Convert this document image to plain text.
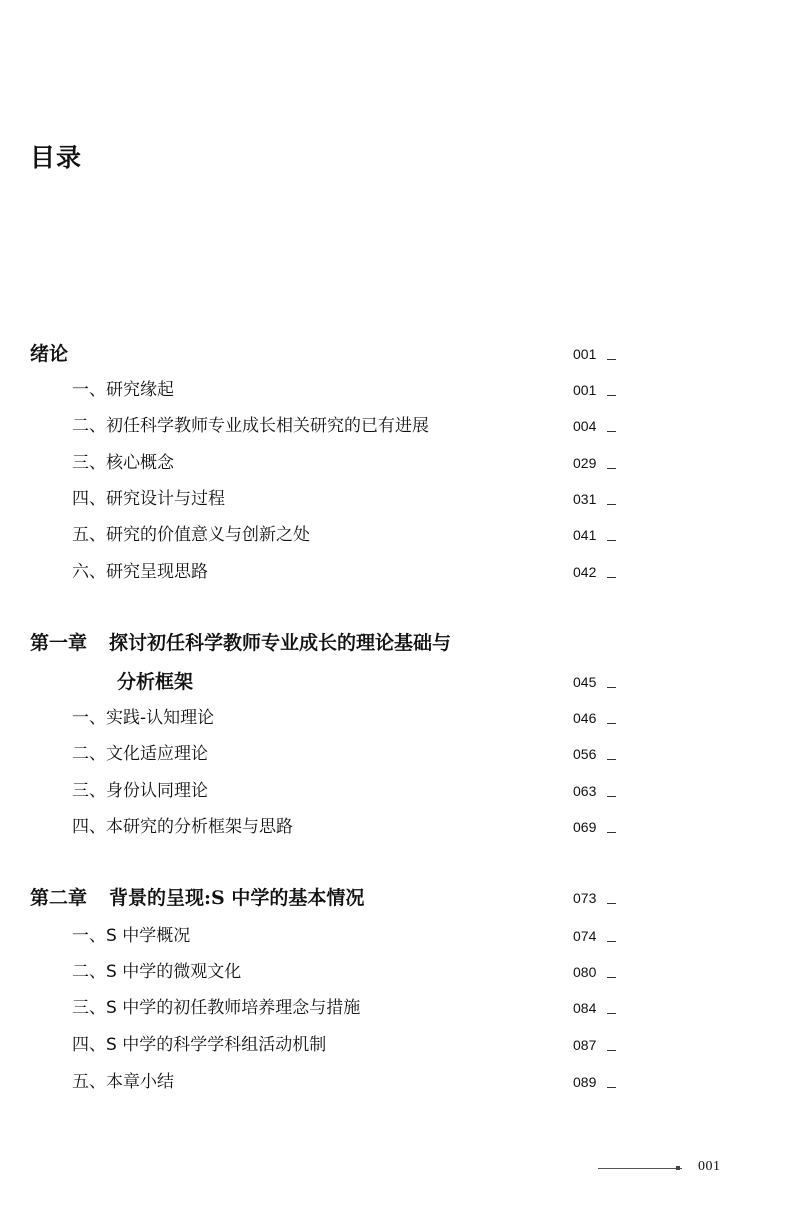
目录
绪论	001
一、研究缘起	001
二、初任科学教师专业成长相关研究的已有进展	004
三、核心概念	029
四、研究设计与过程	031
五、研究的价值意义与创新之处	041
六、研究呈现思路	042
第一章 探讨初任科学教师专业成长的理论基础与
分析框架	045
一、实践-认知理论	046
二、文化适应理论	056
三、身份认同理论	063
四、本研究的分析框架与思路	069
第二章 背景的呈现:S 中学的基本情况	073
一、S 中学概况	074
二、S 中学的微观文化	080
三、S 中学的初任教师培养理念与措施	084
四、S 中学的科学学科组活动机制	087
五、本章小结	089
001
